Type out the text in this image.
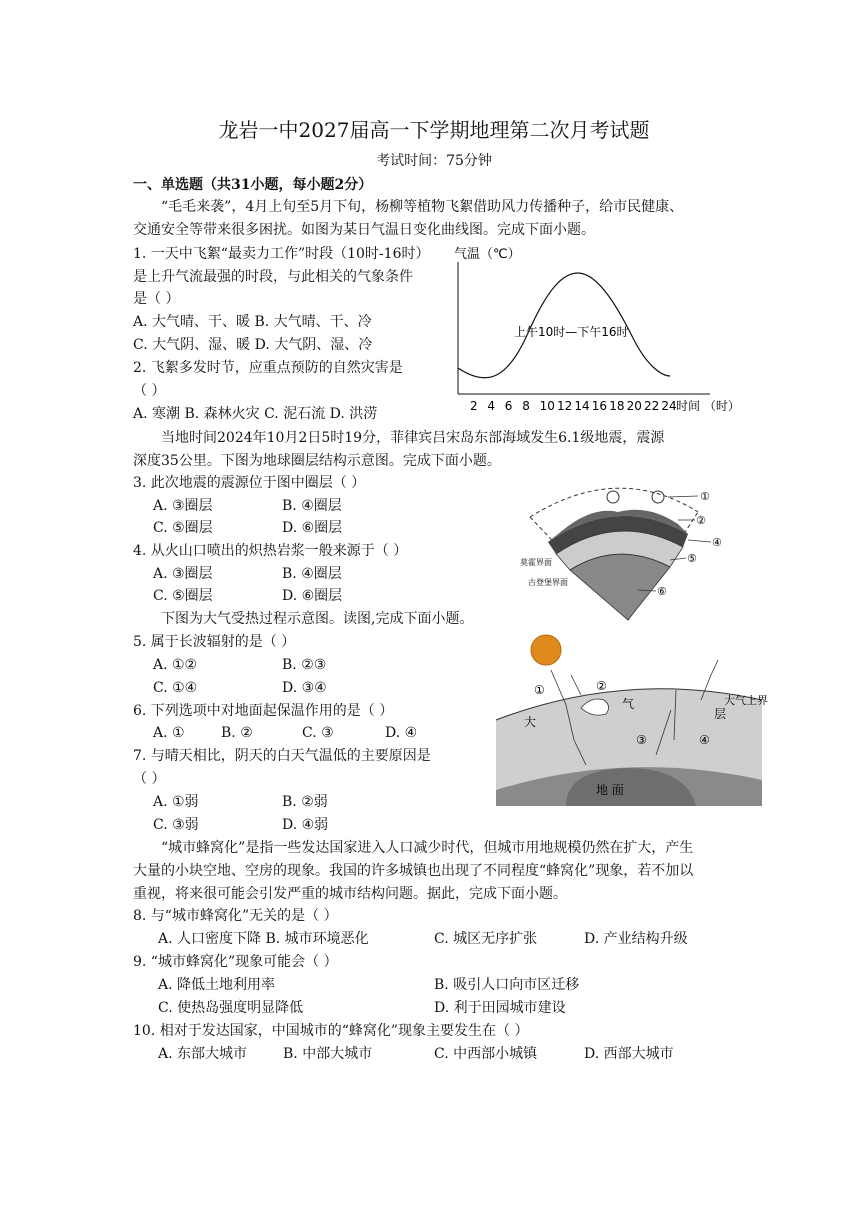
龙岩一中2027届高一下学期地理第二次月考试题
考试时间：75分钟
一、单选题（共31小题，每小题2分）
“毛毛来袭”，4月上旬至5月下旬，杨柳等植物飞絮借助风力传播种子，给市民健康、
交通安全等带来很多困扰。如图为某日气温日变化曲线图。完成下面小题。
1. 一天中飞絮“最卖力工作”时段（10时-16时）
是上升气流最强的时段，与此相关的气象条件
是（ ）
A. 大气晴、干、暖 B. 大气晴、干、冷
C. 大气阴、湿、暖 D. 大气阴、湿、冷
2. 飞絮多发时节，应重点预防的自然灾害是
（ ）
A. 寒潮 B. 森林火灾 C. 泥石流 D. 洪涝
气温（℃）
上午10时—下午16时
2 4 6 8 10 12 14 16 18 20 22 24 时间 （时）
当地时间2024年10月2日5时19分，菲律宾吕宋岛东部海域发生6.1级地震，震源
深度35公里。下图为地球圈层结构示意图。完成下面小题。
3. 此次地震的震源位于图中圈层（ ）
A. ③圈层	B. ④圈层
C. ⑤圈层	D. ⑥圈层
4. 从火山口喷出的炽热岩浆一般来源于（ ）
A. ③圈层	B. ④圈层
C. ⑤圈层	D. ⑥圈层
①
②
④
⑤
⑥
莫霍界面
古登堡界面
下图为大气受热过程示意图。读图,完成下面小题。
5. 属于长波辐射的是（ ）
A. ①②	B. ②③
C. ①④	D. ③④
6. 下列选项中对地面起保温作用的是（ ）
A. ①	B. ②	C. ③	D. ④
7. 与晴天相比，阴天的白天气温低的主要原因是
（ ）
A. ①弱	B. ②弱
C. ③弱	D. ④弱
①	②
③	④
大
气
层
大气上界
地 面
“城市蜂窝化”是指一些发达国家进入人口减少时代，但城市用地规模仍然在扩大，产生
大量的小块空地、空房的现象。我国的许多城镇也出现了不同程度“蜂窝化”现象，若不加以
重视，将来很可能会引发严重的城市结构问题。据此，完成下面小题。
8. 与“城市蜂窝化”无关的是（ ）
A. 人口密度下降 B. 城市环境恶化	C. 城区无序扩张	D. 产业结构升级
9. “城市蜂窝化”现象可能会（ ）
A. 降低土地利用率	B. 吸引人口向市区迁移
C. 使热岛强度明显降低	D. 利于田园城市建设
10. 相对于发达国家，中国城市的“蜂窝化”现象主要发生在（ ）
A. 东部大城市	B. 中部大城市	C. 中西部小城镇	D. 西部大城市
